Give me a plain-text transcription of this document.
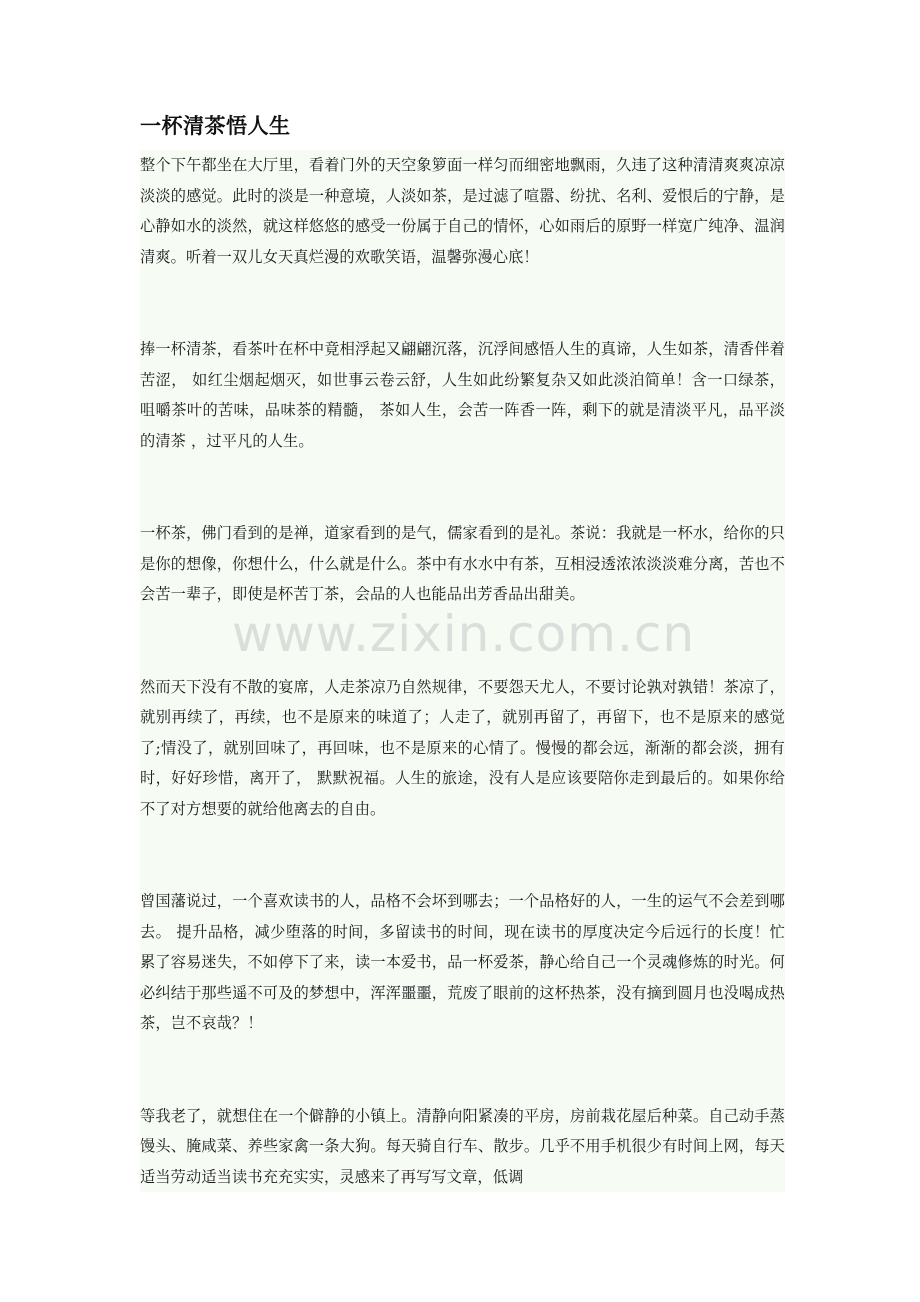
一杯清茶悟人生

整个下午都坐在大厅里，看着门外的天空象箩面一样匀而细密地飘雨，久违了这种清清爽爽凉凉淡淡的感觉。此时的淡是一种意境，人淡如茶，是过滤了喧嚣、纷扰、名利、爱恨后的宁静，是心静如水的淡然，就这样悠悠的感受一份属于自己的情怀，心如雨后的原野一样宽广纯净、温润清爽。听着一双儿女天真烂漫的欢歌笑语，温馨弥漫心底！

捧一杯清茶，看茶叶在杯中竟相浮起又翩翩沉落，沉浮间感悟人生的真谛，人生如茶，清香伴着苦涩， 如红尘烟起烟灭，如世事云卷云舒，人生如此纷繁复杂又如此淡泊简单！含一口绿茶，咀嚼茶叶的苦味，品味茶的精髓， 茶如人生，会苦一阵香一阵，剩下的就是清淡平凡，品平淡的清茶 ，过平凡的人生。

一杯茶，佛门看到的是禅，道家看到的是气，儒家看到的是礼。茶说：我就是一杯水，给你的只是你的想像，你想什么，什么就是什么。茶中有水水中有茶，互相浸透浓浓淡淡难分离，苦也不会苦一辈子，即使是杯苦丁茶，会品的人也能品出芳香品出甜美。

然而天下没有不散的宴席，人走茶凉乃自然规律，不要怨天尤人，不要讨论孰对孰错！茶凉了，就别再续了，再续，也不是原来的味道了；人走了，就别再留了，再留下，也不是原来的感觉了;情没了，就别回味了，再回味，也不是原来的心情了。慢慢的都会远，渐渐的都会淡，拥有时，好好珍惜，离开了， 默默祝福。人生的旅途，没有人是应该要陪你走到最后的。如果你给不了对方想要的就给他离去的自由。

曾国藩说过，一个喜欢读书的人，品格不会坏到哪去；一个品格好的人，一生的运气不会差到哪去。 提升品格，减少堕落的时间，多留读书的时间，现在读书的厚度决定今后远行的长度！忙累了容易迷失，不如停下了来，读一本爱书，品一杯爱茶，静心给自己一个灵魂修炼的时光。何必纠结于那些遥不可及的梦想中，浑浑噩噩，荒废了眼前的这杯热茶，没有摘到圆月也没喝成热茶，岂不哀哉？！

等我老了，就想住在一个僻静的小镇上。清静向阳紧凑的平房，房前栽花屋后种菜。自己动手蒸馒头、腌咸菜、养些家禽一条大狗。每天骑自行车、散步。几乎不用手机很少有时间上网，每天适当劳动适当读书充充实实，灵感来了再写写文章，低调

www.zixin.com.cn
